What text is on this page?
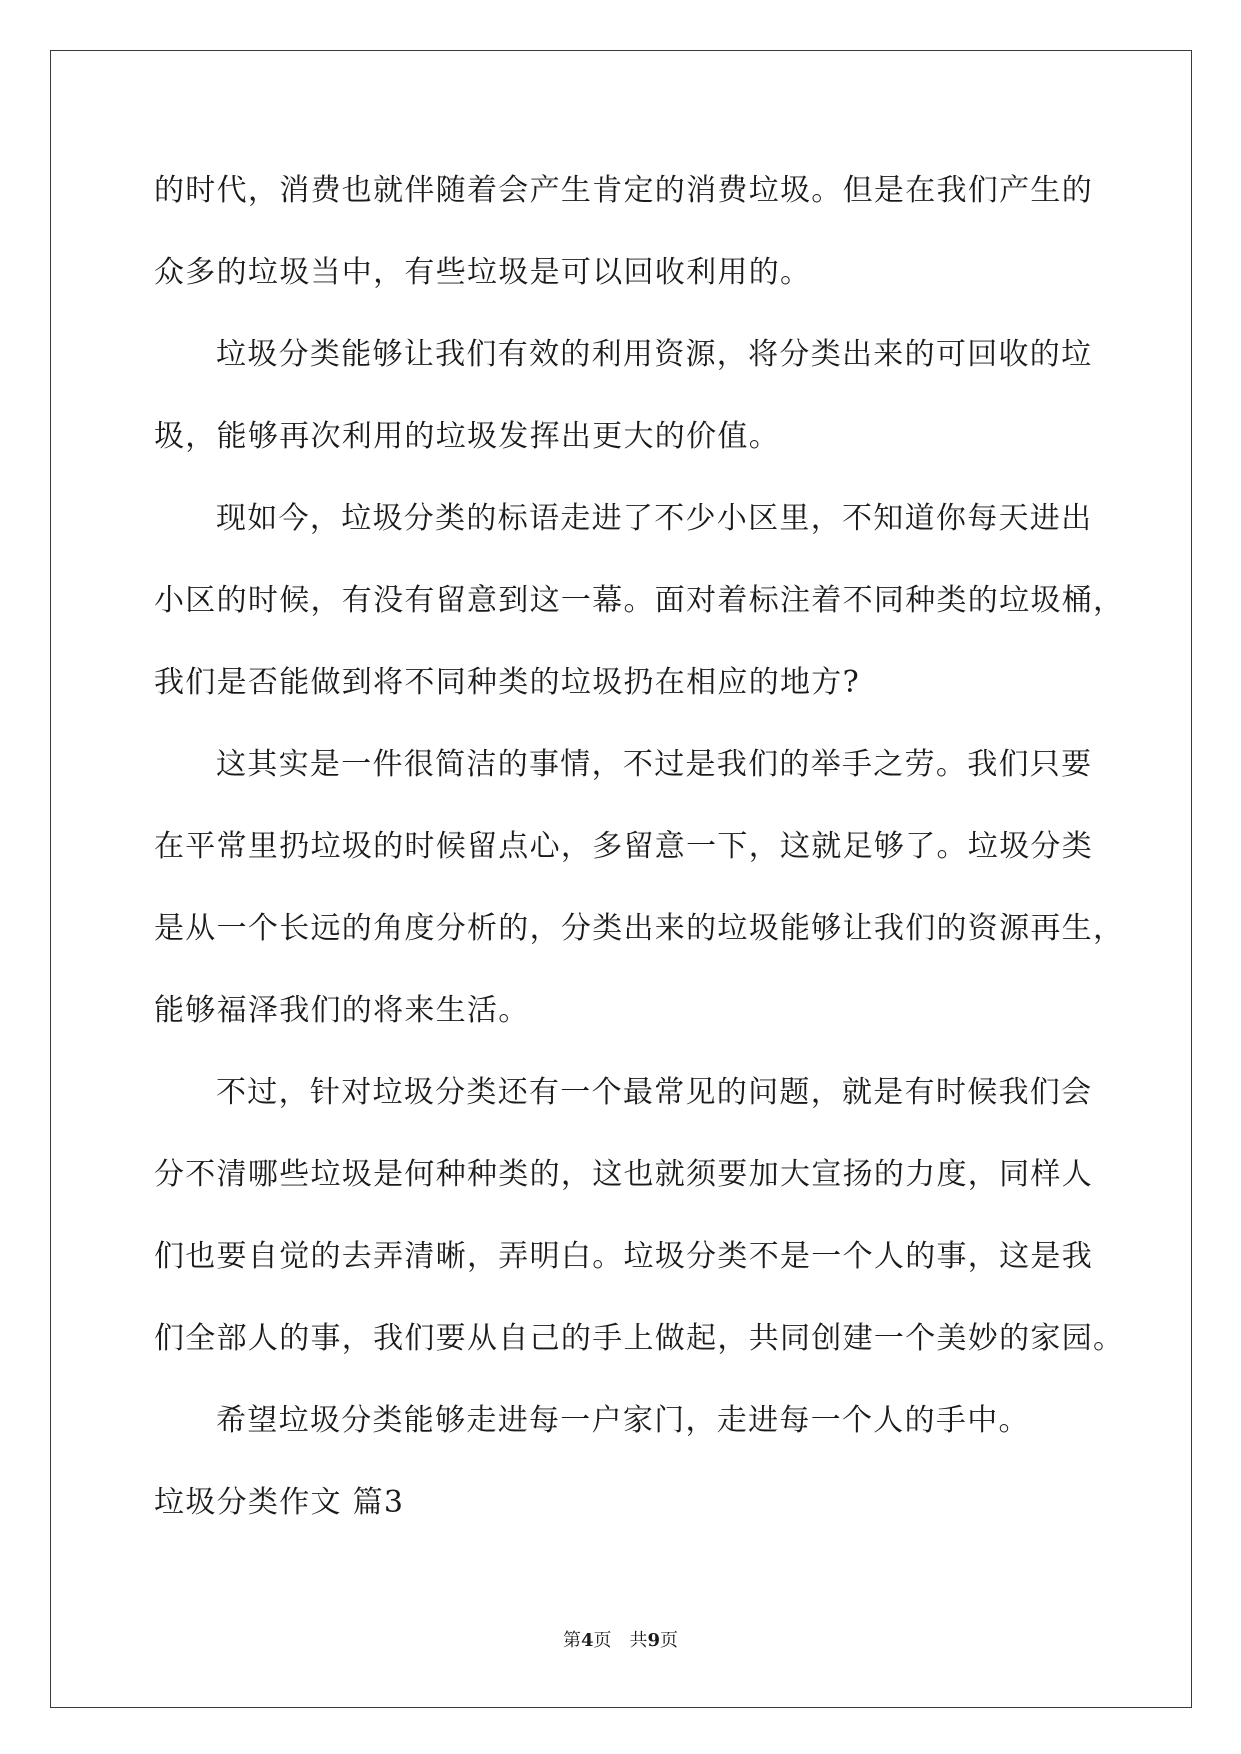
的时代，消费也就伴随着会产生肯定的消费垃圾。但是在我们产生的
众多的垃圾当中，有些垃圾是可以回收利用的。
垃圾分类能够让我们有效的利用资源，将分类出来的可回收的垃
圾，能够再次利用的垃圾发挥出更大的价值。
现如今，垃圾分类的标语走进了不少小区里，不知道你每天进出
小区的时候，有没有留意到这一幕。面对着标注着不同种类的垃圾桶，
我们是否能做到将不同种类的垃圾扔在相应的地方?
这其实是一件很简洁的事情，不过是我们的举手之劳。我们只要
在平常里扔垃圾的时候留点心，多留意一下，这就足够了。垃圾分类
是从一个长远的角度分析的，分类出来的垃圾能够让我们的资源再生，
能够福泽我们的将来生活。
不过，针对垃圾分类还有一个最常见的问题，就是有时候我们会
分不清哪些垃圾是何种种类的，这也就须要加大宣扬的力度，同样人
们也要自觉的去弄清晰，弄明白。垃圾分类不是一个人的事，这是我
们全部人的事，我们要从自己的手上做起，共同创建一个美妙的家园。
希望垃圾分类能够走进每一户家门，走进每一个人的手中。
垃圾分类作文 篇3
第4页 共9页
